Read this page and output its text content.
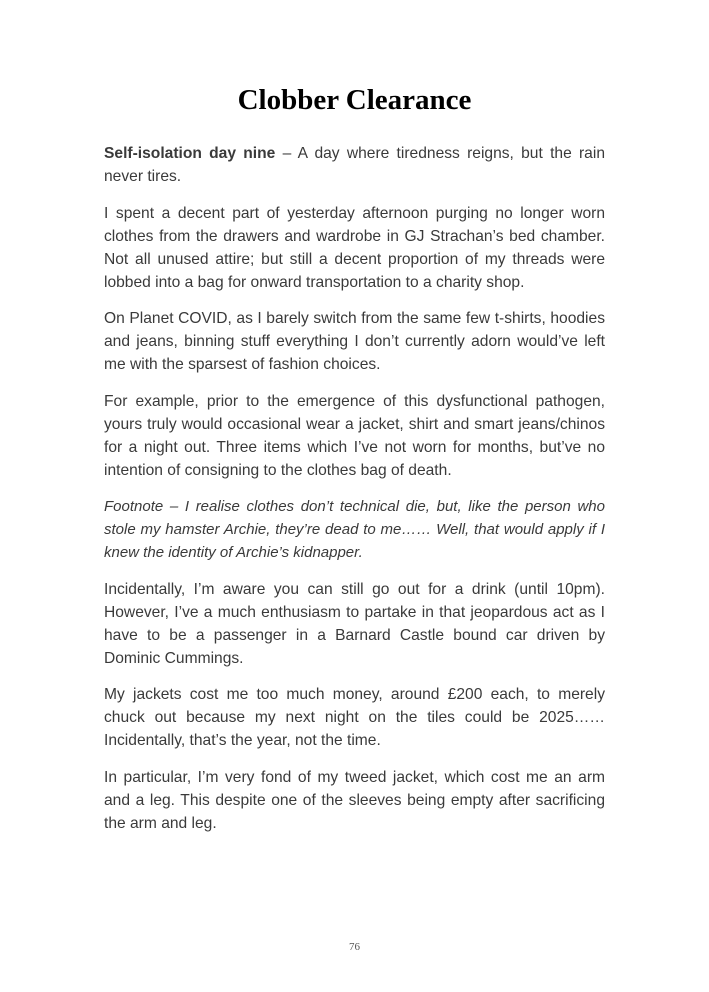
Clobber Clearance

Self-isolation day nine – A day where tiredness reigns, but the rain never tires.

I spent a decent part of yesterday afternoon purging no longer worn clothes from the drawers and wardrobe in GJ Strachan’s bed chamber. Not all unused attire; but still a decent proportion of my threads were lobbed into a bag for onward transportation to a charity shop.

On Planet COVID, as I barely switch from the same few t-shirts, hoodies and jeans, binning stuff everything I don’t currently adorn would’ve left me with the sparsest of fashion choices.

For example, prior to the emergence of this dysfunctional pathogen, yours truly would occasional wear a jacket, shirt and smart jeans/chinos for a night out. Three items which I’ve not worn for months, but’ve no intention of consigning to the clothes bag of death.

Footnote – I realise clothes don’t technical die, but, like the person who stole my hamster Archie, they’re dead to me…… Well, that would apply if I knew the identity of Archie’s kidnapper.

Incidentally, I’m aware you can still go out for a drink (until 10pm). However, I’ve a much enthusiasm to partake in that jeopardous act as I have to be a passenger in a Barnard Castle bound car driven by Dominic Cummings.

My jackets cost me too much money, around £200 each, to merely chuck out because my next night on the tiles could be 2025…… Incidentally, that’s the year, not the time.

In particular, I’m very fond of my tweed jacket, which cost me an arm and a leg. This despite one of the sleeves being empty after sacrificing the arm and leg.

76
